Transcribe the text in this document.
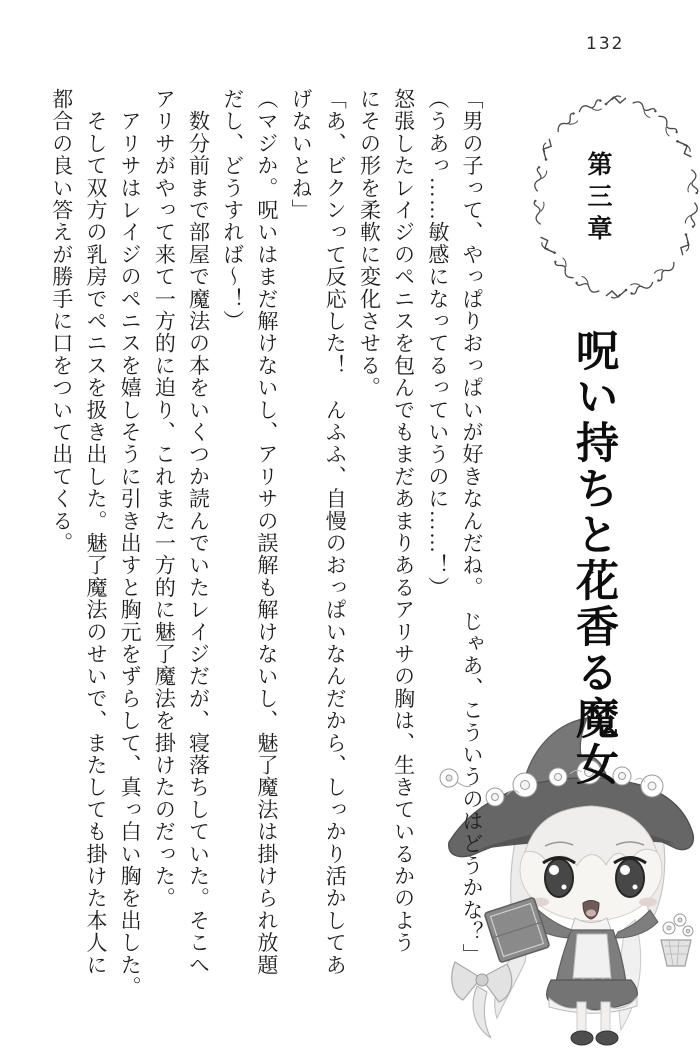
132
第三章
呪い持ちと花香る魔女
「男の子って、やっぱりおっぱいが好きなんだね。　じゃあ、こういうのはどうかな？」
（うあっ……敏感になってるっていうのに……！）
怒張したレイジのペニスを包んでもまだあまりあるアリサの胸は、生きているかのよう
にその形を柔軟に変化させる。
「あ、ビクンって反応した！　んふふ、自慢のおっぱいなんだから、しっかり活かしてあ
げないとね」
（マジか。呪いはまだ解けないし、アリサの誤解も解けないし、魅了魔法は掛けられ放題
だし、どうすれば～！）
　数分前まで部屋で魔法の本をいくつか読んでいたレイジだが、寝落ちしていた。そこへ
アリサがやって来て一方的に迫り、これまた一方的に魅了魔法を掛けたのだった。
　アリサはレイジのペニスを嬉しそうに引き出すと胸元をずらして、真っ白い胸を出した。
　そして双方の乳房でペニスを扱き出した。魅了魔法のせいで、またしても掛けた本人に
都合の良い答えが勝手に口をついて出てくる。
